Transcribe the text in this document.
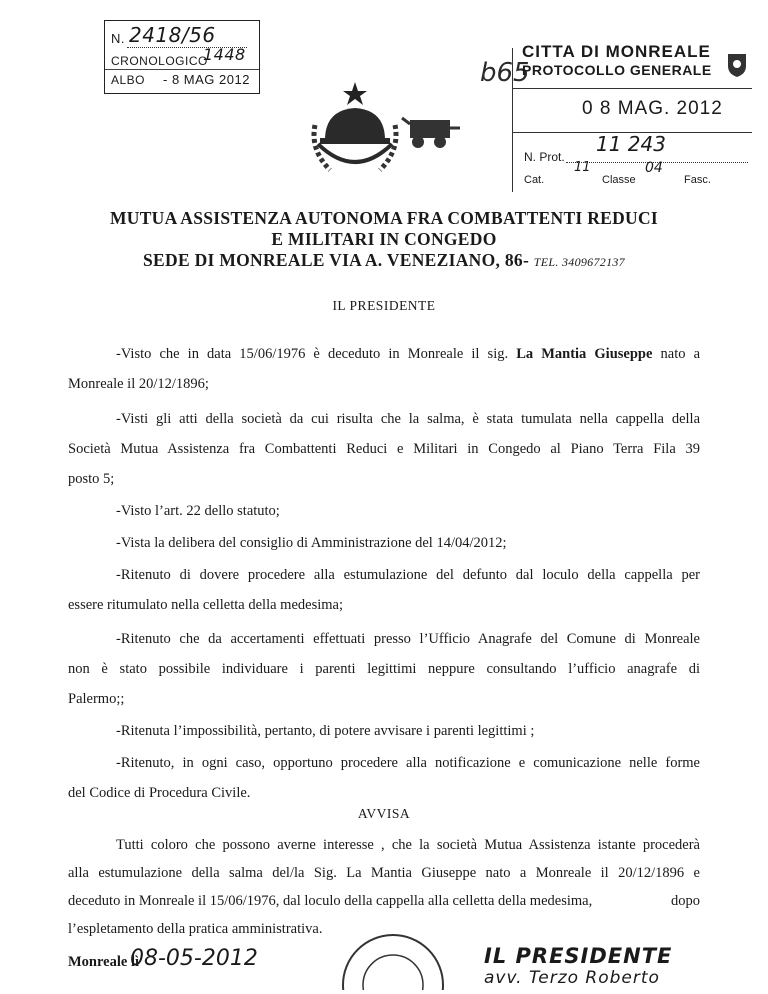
N. 2418/56
CRONOLOGICO
1448
ALBO - 8 MAG 2012	b65
CITTA DI MONREALE
PROTOCOLLO GENERALE
0 8 MAG. 2012
N. Prot.
11 243
Cat.
11
Classe
04
Fasc.
MUTUA ASSISTENZA AUTONOMA FRA COMBATTENTI REDUCI
E MILITARI IN CONGEDO
SEDE DI MONREALE VIA A. VENEZIANO, 86- TEL. 3409672137
IL PRESIDENTE
-Visto che in data 15/06/1976 è deceduto in Monreale il sig. La Mantia Giuseppe nato a
Monreale il 20/12/1896;
-Visti gli atti della società da cui risulta che la salma, è stata tumulata nella cappella della
Società Mutua Assistenza fra Combattenti Reduci e Militari in Congedo al Piano Terra Fila 39
posto 5;
-Visto l’art. 22 dello statuto;
-Vista la delibera del consiglio di Amministrazione del 14/04/2012;
-Ritenuto di dovere procedere alla estumulazione del defunto dal loculo della cappella per
essere ritumulato nella celletta della medesima;
-Ritenuto che da accertamenti effettuati presso l’Ufficio Anagrafe del Comune di Monreale
non è stato possibile individuare i parenti legittimi neppure consultando l’ufficio anagrafe di
Palermo;;
-Ritenuta l’impossibilità, pertanto, di potere avvisare i parenti legittimi ;
-Ritenuto, in ogni caso, opportuno procedere alla notificazione e comunicazione nelle forme
del Codice di Procedura Civile.
AVVISA
Tutti coloro che possono averne interesse , che la società Mutua Assistenza istante procederà
alla estumulazione della salma del/la Sig. La Mantia Giuseppe nato a Monreale il 20/12/1896 e
deceduto in Monreale il 15/06/1976, dal loculo della cappella alla celletta della medesima,	dopo
l’espletamento della pratica amministrativa.
Monreale lì
08-05-2012	IL PRESIDENTE
avv. Terzo Roberto
